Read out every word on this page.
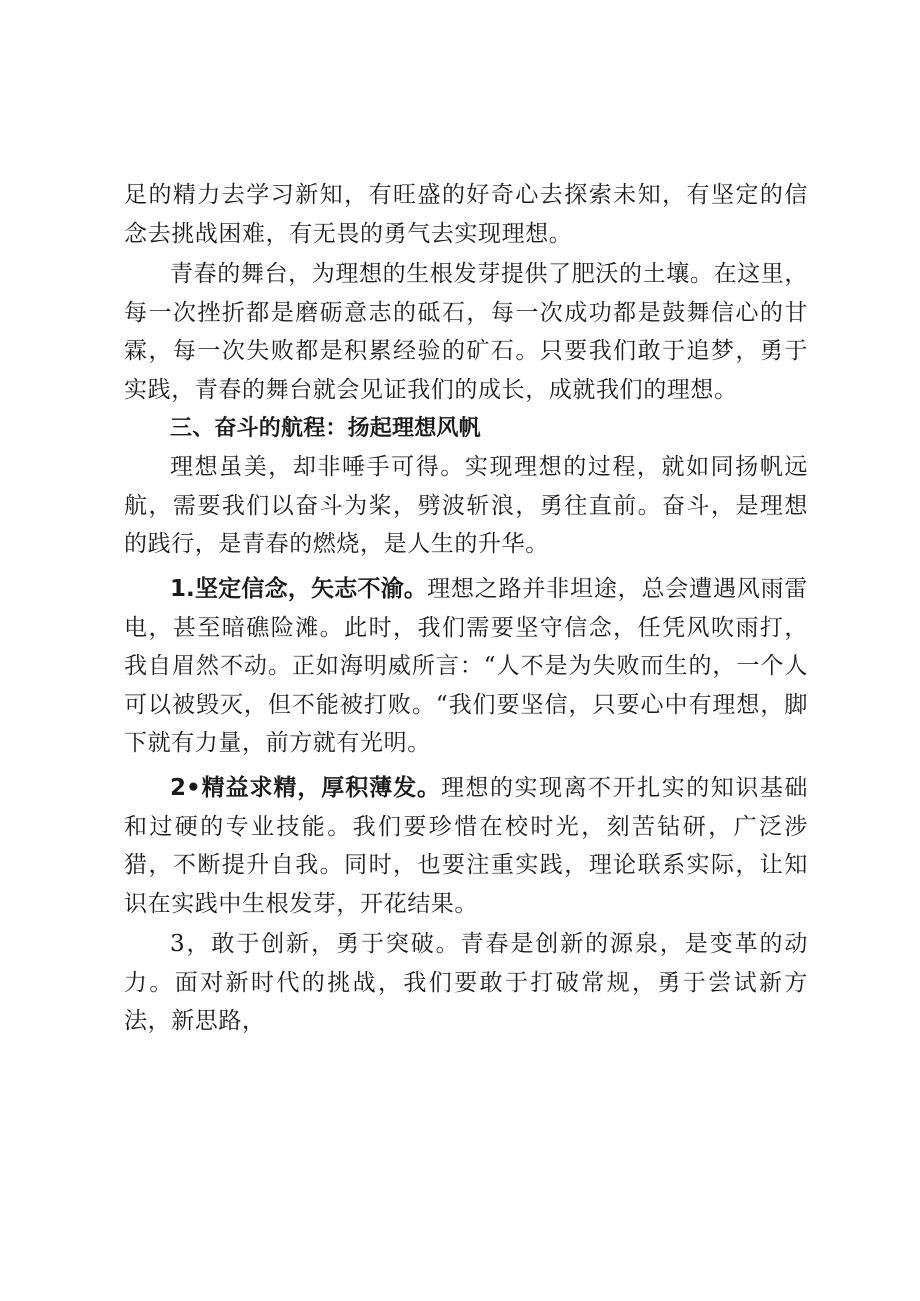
足的精力去学习新知，有旺盛的好奇心去探索未知，有坚定的信念去挑战困难，有无畏的勇气去实现理想。

青春的舞台，为理想的生根发芽提供了肥沃的土壤。在这里，每一次挫折都是磨砺意志的砥石，每一次成功都是鼓舞信心的甘霖，每一次失败都是积累经验的矿石。只要我们敢于追梦，勇于实践，青春的舞台就会见证我们的成长，成就我们的理想。

三、奋斗的航程：扬起理想风帆

理想虽美，却非唾手可得。实现理想的过程，就如同扬帆远航，需要我们以奋斗为桨，劈波斩浪，勇往直前。奋斗，是理想的践行，是青春的燃烧，是人生的升华。

1.坚定信念，矢志不渝。理想之路并非坦途，总会遭遇风雨雷电，甚至暗礁险滩。此时，我们需要坚守信念，任凭风吹雨打，我自眉然不动。正如海明威所言：“人不是为失败而生的，一个人可以被毁灭，但不能被打败。“我们要坚信，只要心中有理想，脚下就有力量，前方就有光明。

2•精益求精，厚积薄发。理想的实现离不开扎实的知识基础和过硬的专业技能。我们要珍惜在校时光，刻苦钻研，广泛涉猎，不断提升自我。同时，也要注重实践，理论联系实际，让知识在实践中生根发芽，开花结果。

3，敢于创新，勇于突破。青春是创新的源泉，是变革的动力。面对新时代的挑战，我们要敢于打破常规，勇于尝试新方法，新思路，
